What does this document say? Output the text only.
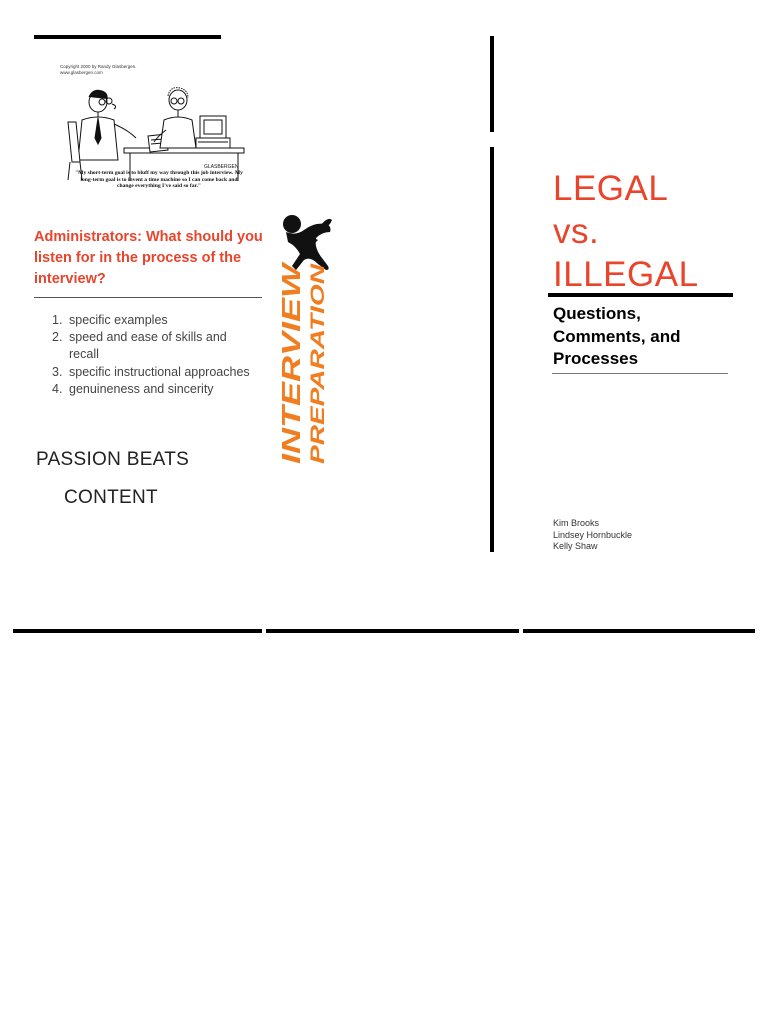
Copyright 2000 by Randy Glasbergen.
www.glasbergen.com
GLASBERGEN
"My short-term goal is to bluff my way through this job interview. My long-term goal is to invent a time machine so I can come back and change everything I've said so far."
Administrators: What should you listen for in the process of the interview?
1. specific examples
2. speed and ease of skills and recall
3. specific instructional approaches
4. genuineness and sincerity
PASSION BEATS
CONTENT
INTERVIEW PREPARATION
LEGAL
vs.
ILLEGAL
Questions,
Comments, and
Processes
Kim Brooks
Lindsey Hornbuckle
Kelly Shaw
